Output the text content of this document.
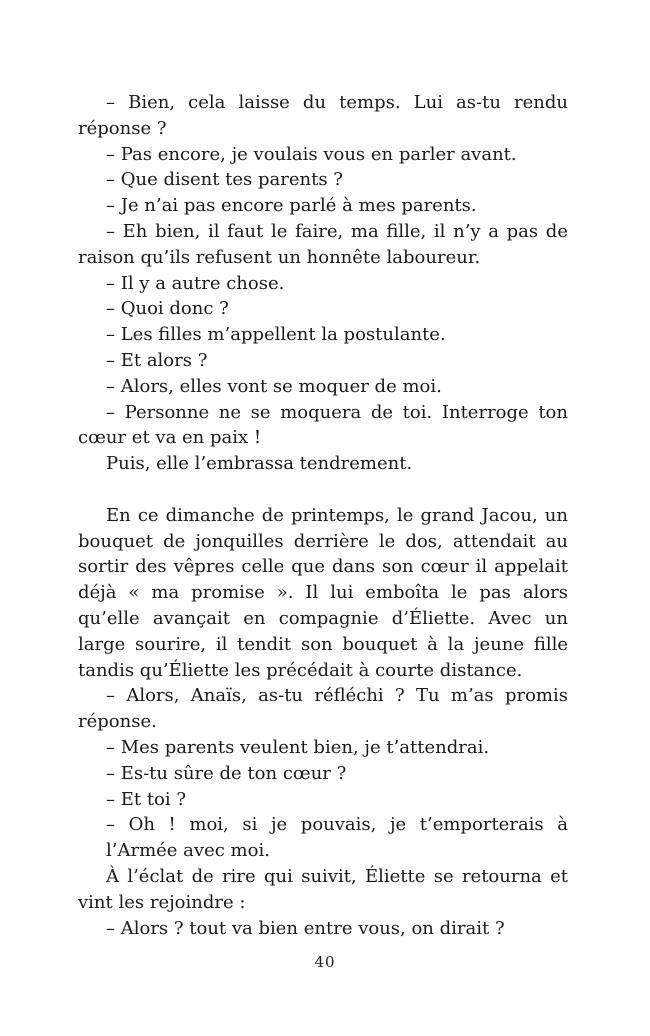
– Bien, cela laisse du temps. Lui as-tu rendu
réponse ?
– Pas encore, je voulais vous en parler avant.
– Que disent tes parents ?
– Je n’ai pas encore parlé à mes parents.
– Eh bien, il faut le faire, ma fille, il n’y a pas de
raison qu’ils refusent un honnête laboureur.
– Il y a autre chose.
– Quoi donc ?
– Les filles m’appellent la postulante.
– Et alors ?
– Alors, elles vont se moquer de moi.
– Personne ne se moquera de toi. Interroge ton
cœur et va en paix !
Puis, elle l’embrassa tendrement.
En ce dimanche de printemps, le grand Jacou, un
bouquet de jonquilles derrière le dos, attendait au
sortir des vêpres celle que dans son cœur il appelait
déjà « ma promise ». Il lui emboîta le pas alors
qu’elle avançait en compagnie d’Éliette. Avec un
large sourire, il tendit son bouquet à la jeune fille
tandis qu’Éliette les précédait à courte distance.
– Alors, Anaïs, as-tu réfléchi ? Tu m’as promis
réponse.
– Mes parents veulent bien, je t’attendrai.
– Es-tu sûre de ton cœur ?
– Et toi ?
– Oh ! moi, si je pouvais, je t’emporterais à
l’Armée avec moi.
À l’éclat de rire qui suivit, Éliette se retourna et
vint les rejoindre :
– Alors ? tout va bien entre vous, on dirait ?
40
